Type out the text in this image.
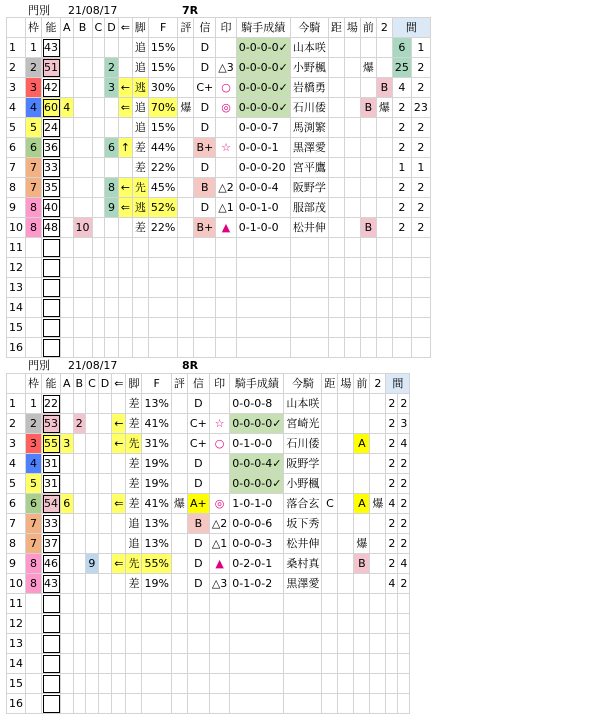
門別 21/08/17	7R
	枠	能	A	B	C	D	⇐	脚	F	評	信	印	騎手成績	今騎	距	場	前	2	間	
1	1	43						追	15%		D		0-0-0-0✓	山本咲					6	1
2	2	51				2		追	15%		D	△3	0-0-0-0✓	小野楓			爆		25	2
3	3	42				3	←	逃	30%		C+	○	0-0-0-0✓	岩橋勇				B	4	2
4	4	60	4				⇐	追	70%	爆	D	◎	0-0-0-0✓	石川倭			B	爆	2	23
5	5	24						追	15%		D		0-0-0-7	馬渕繁					2	2
6	6	36				6	↑	差	44%		B+	☆	0-0-0-1	黒澤愛					2	2
7	7	33						差	22%		D		0-0-0-20	宮平鷹					1	1
8	7	35				8	←	先	45%		B	△2	0-0-0-4	阪野学					2	2
9	8	40				9	⇐	逃	52%		D	△1	0-0-1-0	服部茂					2	2
10	8	48		10				差	22%		B+	▲	0-1-0-0	松井伸			B		2	2
11																				
12																				
13																				
14																				
15																				
16																				
門別 21/08/17	8R
	枠	能	A	B	C	D	⇐	脚	F	評	信	印	騎手成績	今騎	距	場	前	2	間	
1	1	22						差	13%		D		0-0-0-8	山本咲					2	2
2	2	53		2			←	差	41%		C+	☆	0-0-0-0✓	宮崎光					2	3
3	3	55	3				←	先	31%		C+	○	0-1-0-0	石川倭			A		2	4
4	4	31						差	19%		D		0-0-0-4✓	阪野学					2	2
5	5	31						差	19%		D		0-0-0-0✓	小野楓					2	2
6	6	54	6				⇐	差	41%	爆	A+	◎	1-0-1-0	落合玄	C		A	爆	4	2
7	7	33						追	13%		B	△2	0-0-0-6	坂下秀					2	2
8	7	37						追	13%		D	△1	0-0-0-3	松井伸			爆		2	2
9	8	46			9		⇐	先	55%		D	▲	0-2-0-1	桑村真			B		2	4
10	8	43						差	19%		D	△3	0-1-0-2	黒澤愛					4	2
11																				
12																				
13																				
14																				
15																				
16																				
